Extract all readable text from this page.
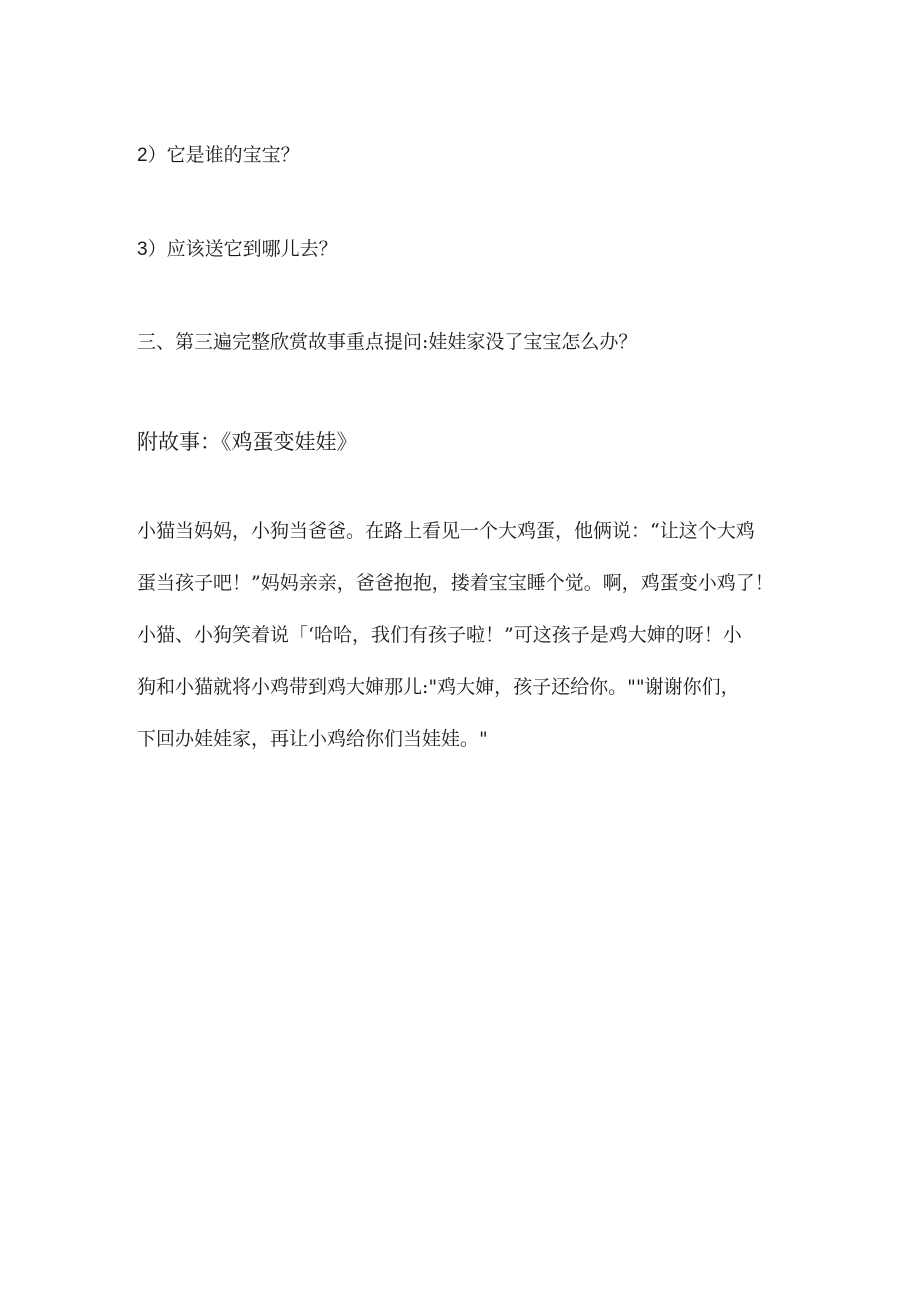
2）它是谁的宝宝？

3）应该送它到哪儿去？

三、第三遍完整欣赏故事重点提问:娃娃家没了宝宝怎么办？

附故事：《鸡蛋变娃娃》
小猫当妈妈，小狗当爸爸。在路上看见一个大鸡蛋，他俩说：“让这个大鸡
蛋当孩子吧！”妈妈亲亲，爸爸抱抱，搂着宝宝睡个觉。啊，鸡蛋变小鸡了！
小猫、小狗笑着说「‘哈哈，我们有孩子啦！”可这孩子是鸡大婶的呀！小
狗和小猫就将小鸡带到鸡大婶那儿:"鸡大婶，孩子还给你。""谢谢你们，
下回办娃娃家，再让小鸡给你们当娃娃。"
